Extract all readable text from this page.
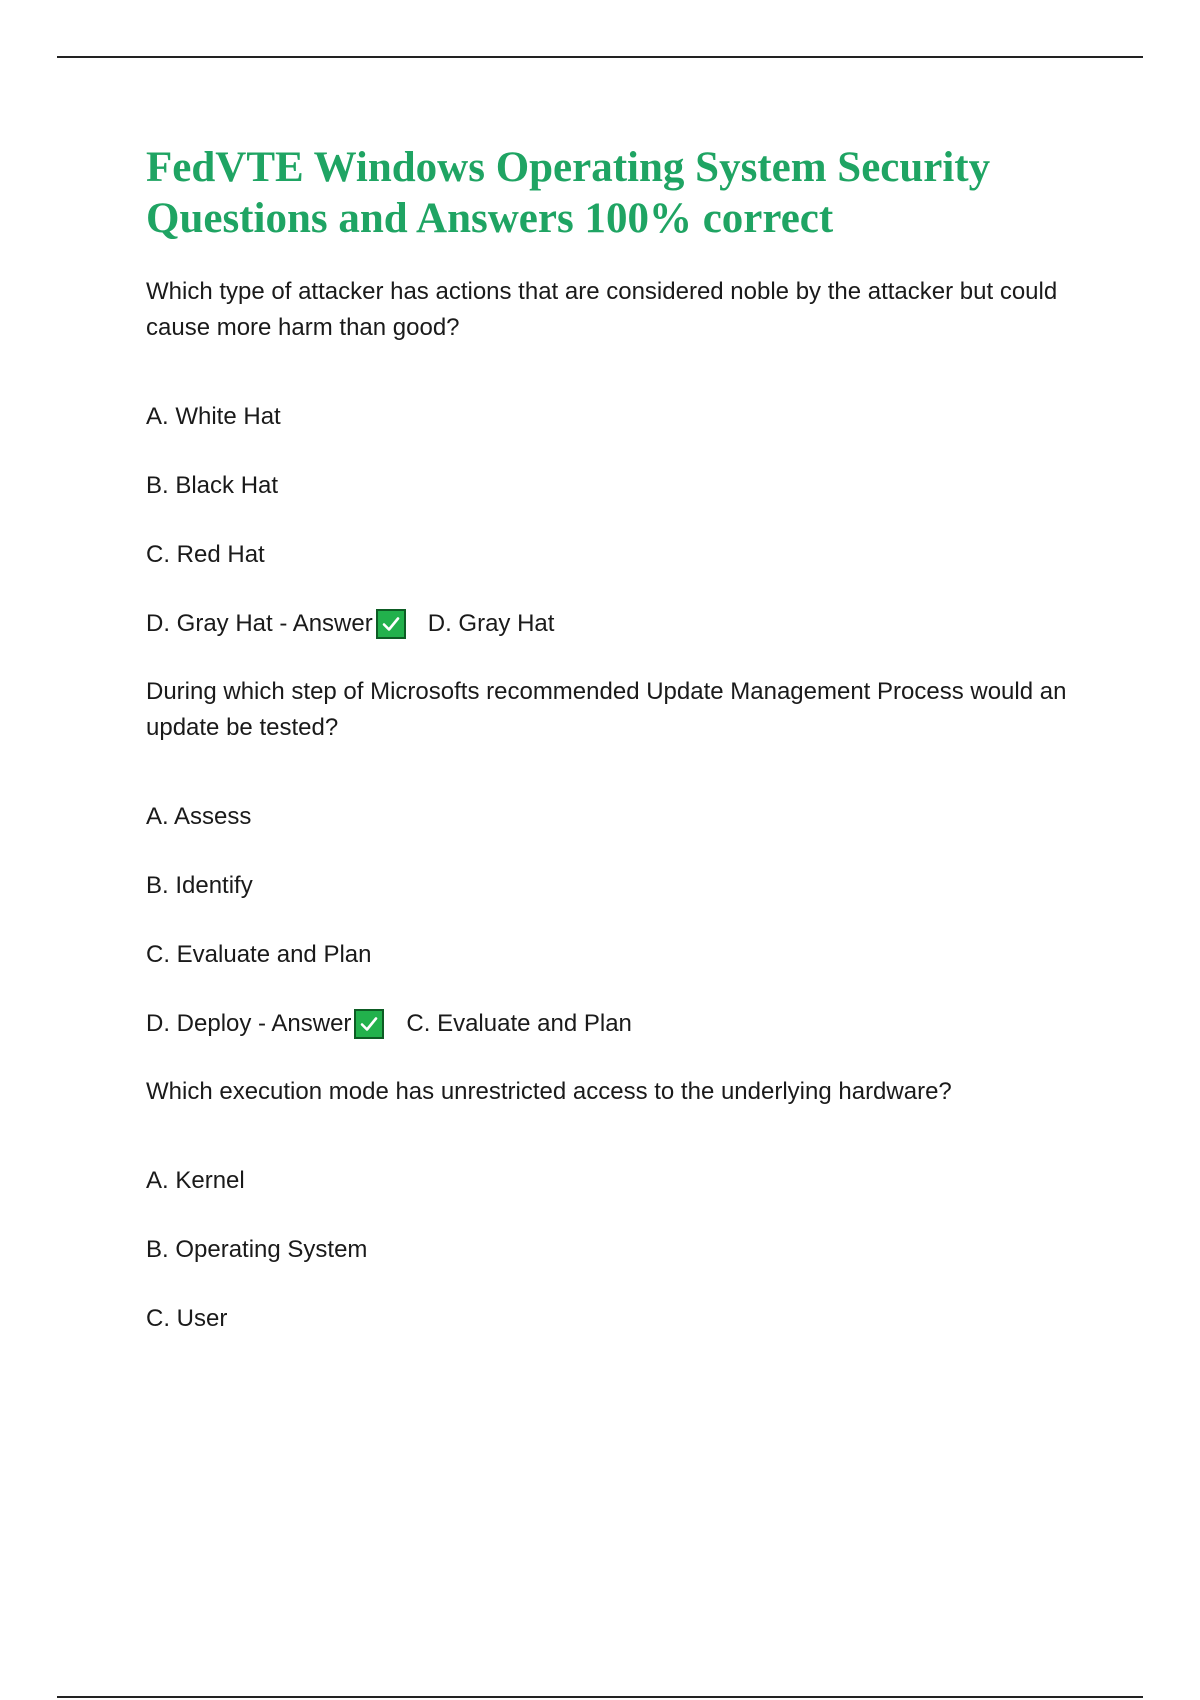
FedVTE Windows Operating System Security Questions and Answers 100% correct

Which type of attacker has actions that are considered noble by the attacker but could cause more harm than good?

A. White Hat
B. Black Hat
C. Red Hat
D. Gray Hat - Answer D. Gray Hat

During which step of Microsofts recommended Update Management Process would an update be tested?

A. Assess
B. Identify
C. Evaluate and Plan
D. Deploy - Answer C. Evaluate and Plan

Which execution mode has unrestricted access to the underlying hardware?

A. Kernel
B. Operating System
C. User
